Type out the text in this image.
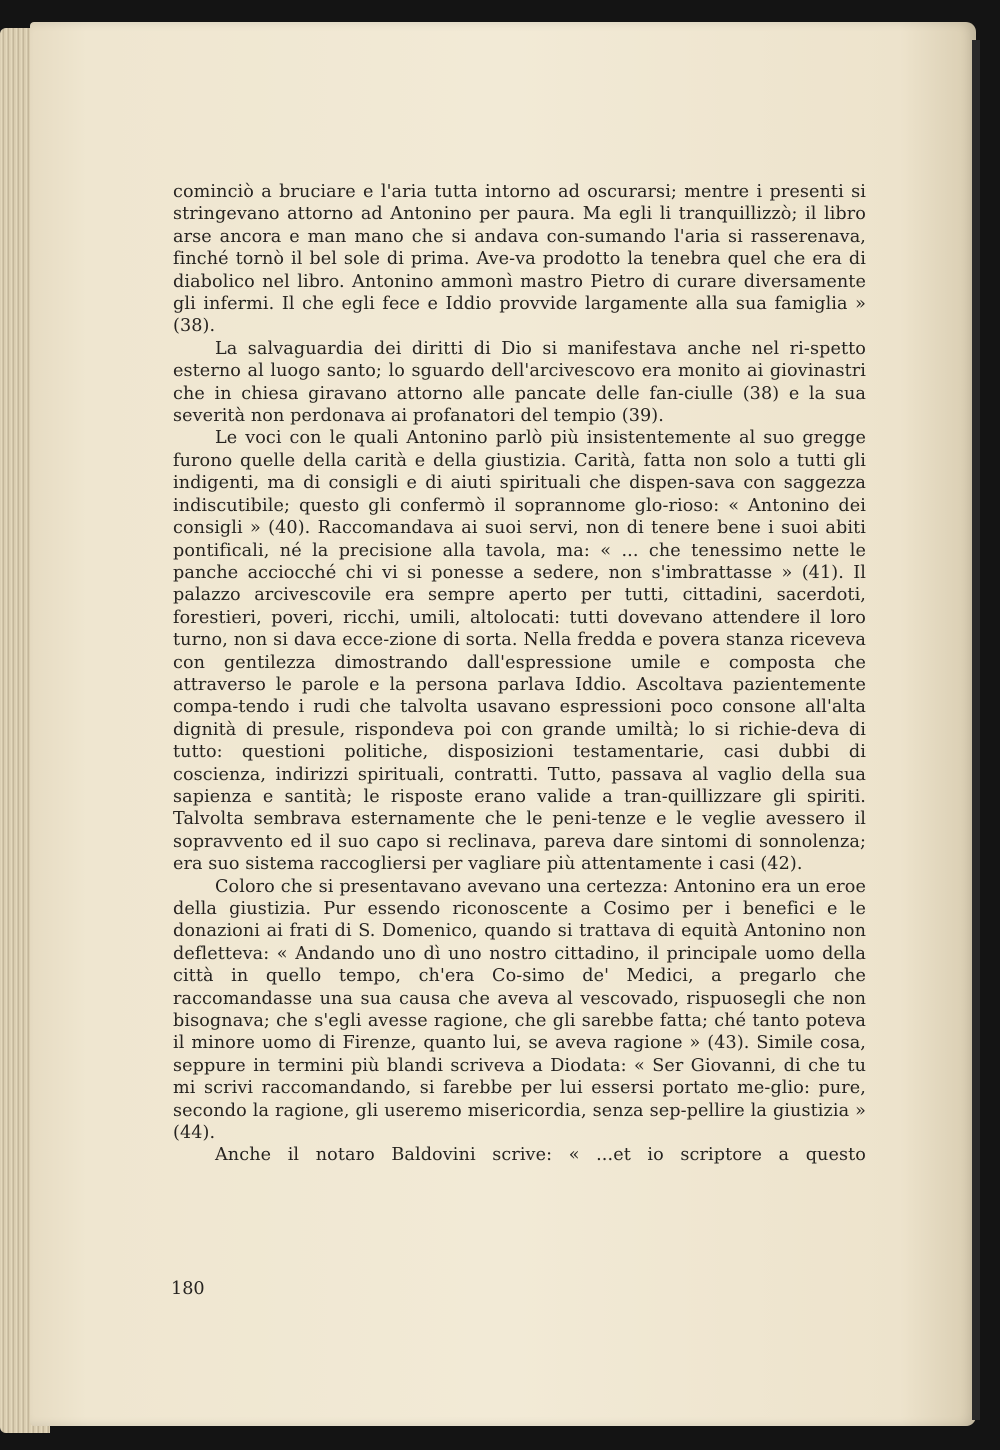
cominciò a bruciare e l'aria tutta intorno ad oscurarsi; mentre i presenti si stringevano attorno ad Antonino per paura. Ma egli li tranquillizzò; il libro arse ancora e man mano che si andava con-sumando l'aria si rasserenava, finché tornò il bel sole di prima. Ave-va prodotto la tenebra quel che era di diabolico nel libro. Antonino ammonì mastro Pietro di curare diversamente gli infermi. Il che egli fece e Iddio provvide largamente alla sua famiglia » (38).

La salvaguardia dei diritti di Dio si manifestava anche nel ri-spetto esterno al luogo santo; lo sguardo dell'arcivescovo era monito ai giovinastri che in chiesa giravano attorno alle pancate delle fan-ciulle (38) e la sua severità non perdonava ai profanatori del tempio (39).

Le voci con le quali Antonino parlò più insistentemente al suo gregge furono quelle della carità e della giustizia. Carità, fatta non solo a tutti gli indigenti, ma di consigli e di aiuti spirituali che dispen-sava con saggezza indiscutibile; questo gli confermò il soprannome glo-rioso: « Antonino dei consigli » (40). Raccomandava ai suoi servi, non di tenere bene i suoi abiti pontificali, né la precisione alla tavola, ma: « ... che tenessimo nette le panche acciocché chi vi si ponesse a sedere, non s'imbrattasse » (41). Il palazzo arcivescovile era sempre aperto per tutti, cittadini, sacerdoti, forestieri, poveri, ricchi, umili, altolocati: tutti dovevano attendere il loro turno, non si dava ecce-zione di sorta. Nella fredda e povera stanza riceveva con gentilezza dimostrando dall'espressione umile e composta che attraverso le parole e la persona parlava Iddio. Ascoltava pazientemente compa-tendo i rudi che talvolta usavano espressioni poco consone all'alta dignità di presule, rispondeva poi con grande umiltà; lo si richie-deva di tutto: questioni politiche, disposizioni testamentarie, casi dubbi di coscienza, indirizzi spirituali, contratti. Tutto, passava al vaglio della sua sapienza e santità; le risposte erano valide a tran-quillizzare gli spiriti. Talvolta sembrava esternamente che le peni-tenze e le veglie avessero il sopravvento ed il suo capo si reclinava, pareva dare sintomi di sonnolenza; era suo sistema raccogliersi per vagliare più attentamente i casi (42).

Coloro che si presentavano avevano una certezza: Antonino era un eroe della giustizia. Pur essendo riconoscente a Cosimo per i benefici e le donazioni ai frati di S. Domenico, quando si trattava di equità Antonino non defletteva: « Andando uno dì uno nostro cittadino, il principale uomo della città in quello tempo, ch'era Co-simo de' Medici, a pregarlo che raccomandasse una sua causa che aveva al vescovado, rispuosegli che non bisognava; che s'egli avesse ragione, che gli sarebbe fatta; ché tanto poteva il minore uomo di Firenze, quanto lui, se aveva ragione » (43). Simile cosa, seppure in termini più blandi scriveva a Diodata: « Ser Giovanni, di che tu mi scrivi raccomandando, si farebbe per lui essersi portato me-glio: pure, secondo la ragione, gli useremo misericordia, senza sep-pellire la giustizia » (44).

Anche il notaro Baldovini scrive: « ...et io scriptore a questo

180
